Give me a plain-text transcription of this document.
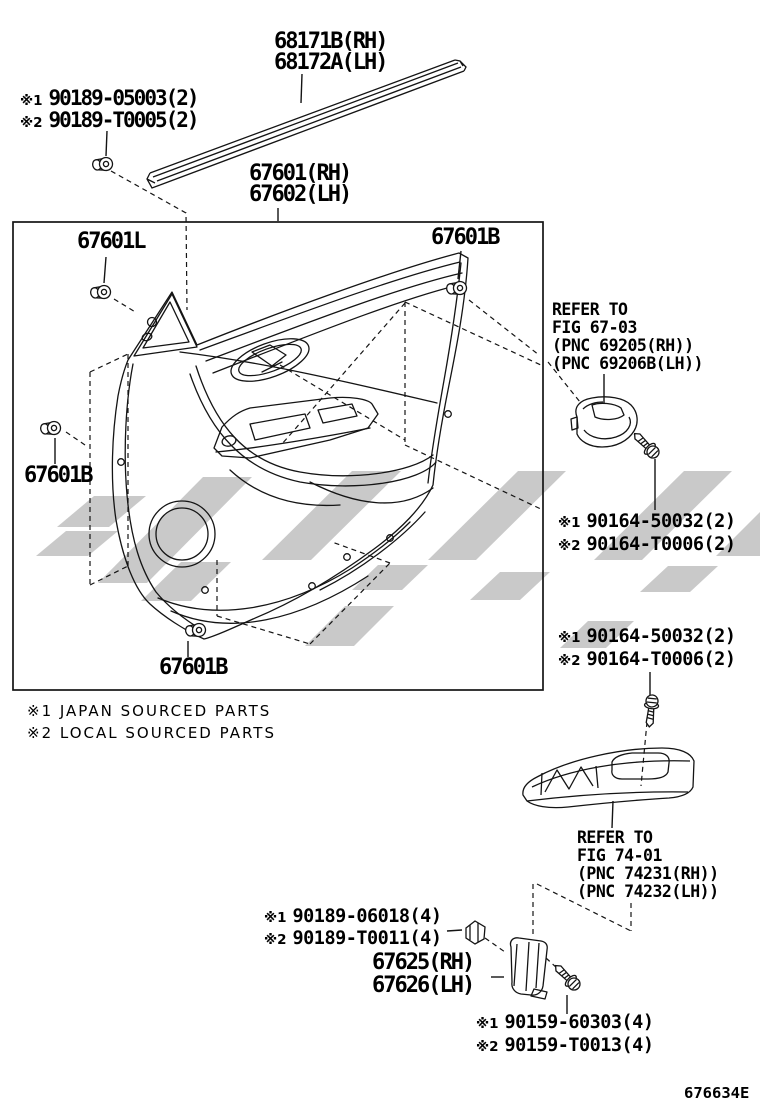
68171B(RH)
68172A(LH)
※1 90189-05003(2)
※2 90189-T0005(2)
67601(RH)
67602(LH)
67601L	67601B
67601B
67601B
REFER TO
FIG 67-03
(PNC 69205(RH))
(PNC 69206B(LH))
※1 90164-50032(2)
※2 90164-T0006(2)
※1 90164-50032(2)
※2 90164-T0006(2)
REFER TO
FIG 74-01
(PNC 74231(RH))
(PNC 74232(LH))
※1 90189-06018(4)
※2 90189-T0011(4)
67625(RH)
67626(LH)
※1 90159-60303(4)
※2 90159-T0013(4)
※1 JAPAN SOURCED PARTS
※2 LOCAL SOURCED PARTS
676634E
